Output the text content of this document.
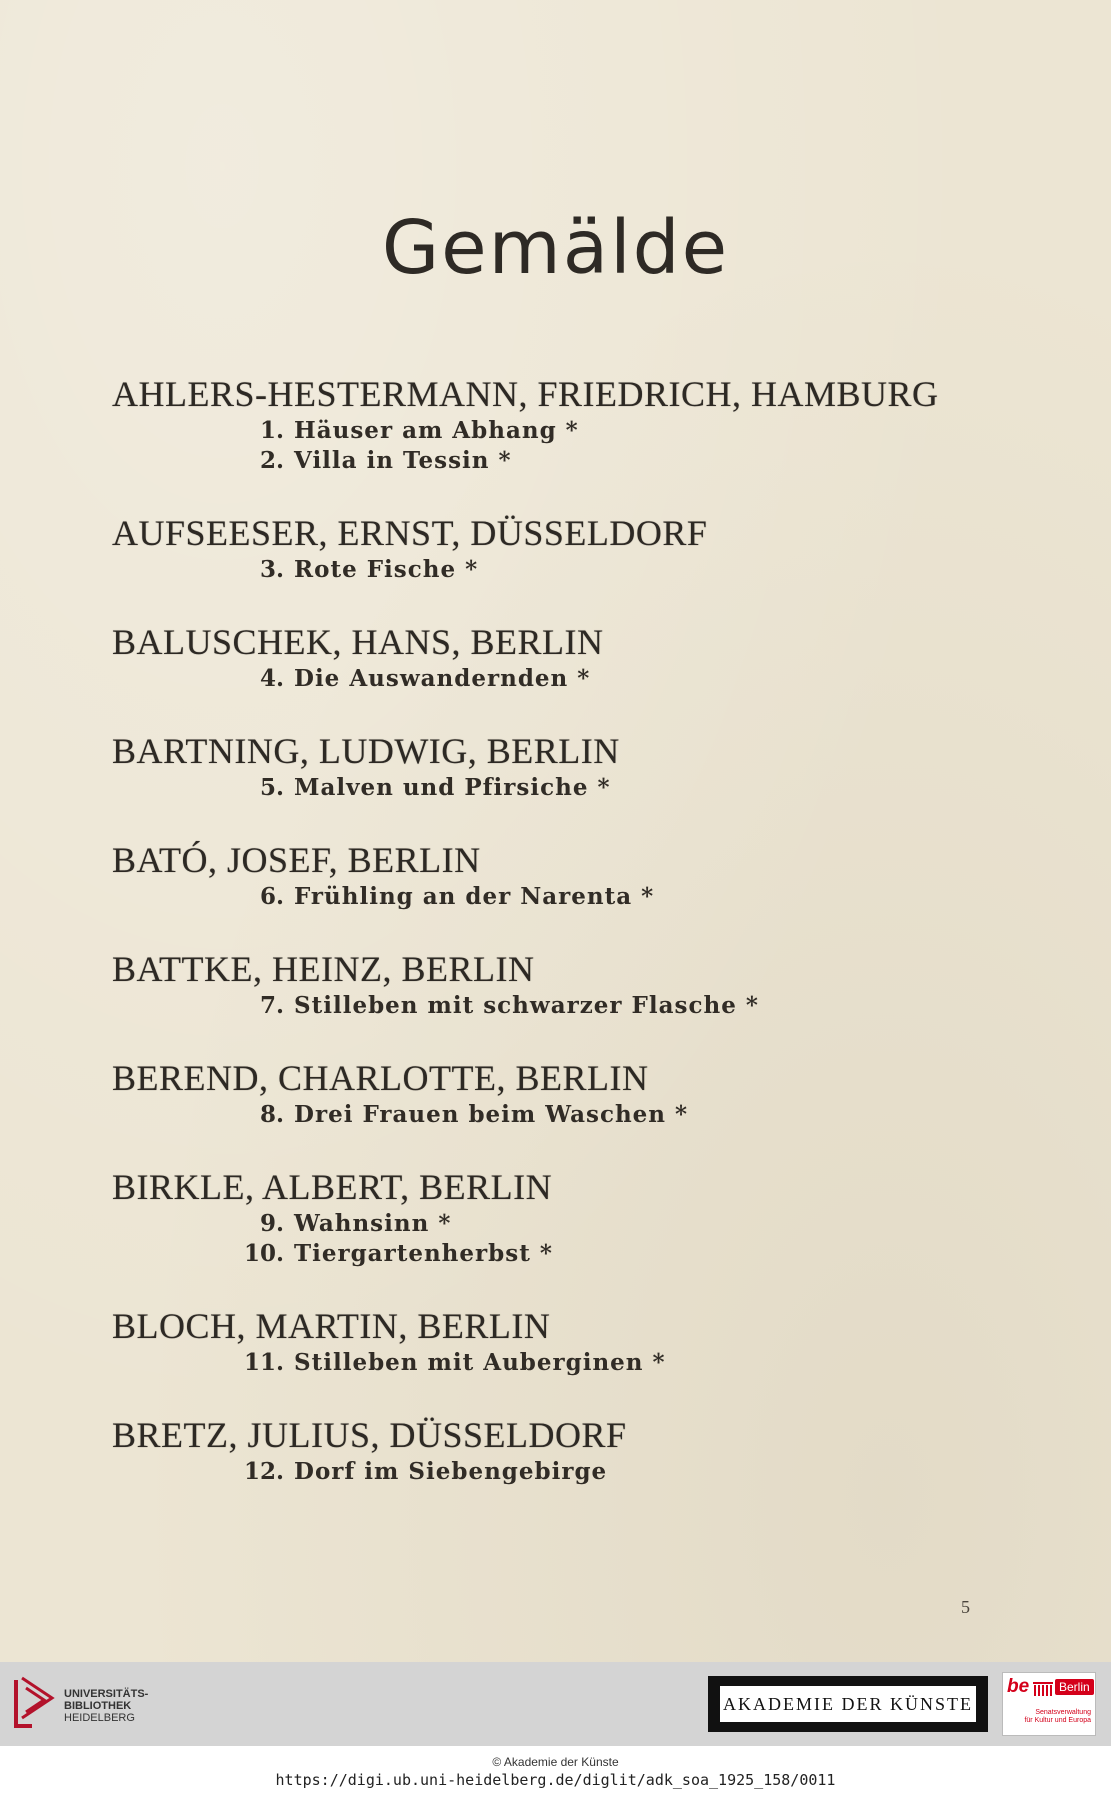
Gemälde
AHLERS-HESTERMANN, FRIEDRICH, HAMBURG
1. Häuser am Abhang *
2. Villa in Tessin *
AUFSEESER, ERNST, DÜSSELDORF
3. Rote Fische *
BALUSCHEK, HANS, BERLIN
4. Die Auswandernden *
BARTNING, LUDWIG, BERLIN
5. Malven und Pfirsiche *
BATÓ, JOSEF, BERLIN
6. Frühling an der Narenta *
BATTKE, HEINZ, BERLIN
7. Stilleben mit schwarzer Flasche *
BEREND, CHARLOTTE, BERLIN
8. Drei Frauen beim Waschen *
BIRKLE, ALBERT, BERLIN
9. Wahnsinn *
10. Tiergartenherbst *
BLOCH, MARTIN, BERLIN
11. Stilleben mit Auberginen *
BRETZ, JULIUS, DÜSSELDORF
12. Dorf im Siebengebirge
5
UNIVERSITÄTS-
BIBLIOTHEK
HEIDELBERG
AKADEMIE DER KÜNSTE
be	Berlin
Senatsverwaltung
für Kultur und Europa
© Akademie der Künste
https://digi.ub.uni-heidelberg.de/diglit/adk_soa_1925_158/0011
